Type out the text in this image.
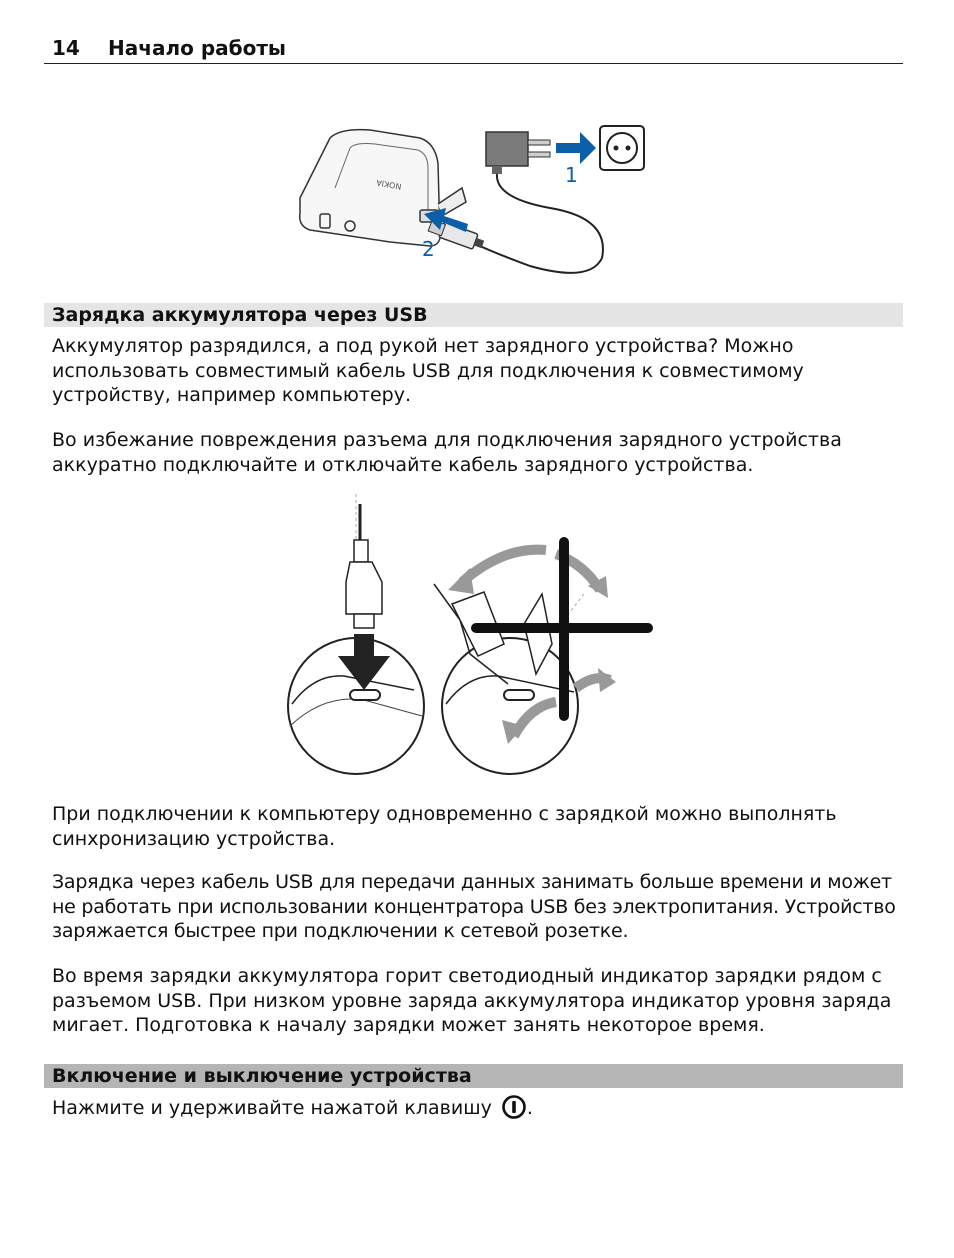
14 Начало работы
NOKIA	1
2
Зарядка аккумулятора через USB

Аккумулятор разрядился, а под рукой нет зарядного устройства? Можно использовать совместимый кабель USB для подключения к совместимому устройству, например компьютеру.

Во избежание повреждения разъема для подключения зарядного устройства аккуратно подключайте и отключайте кабель зарядного устройства.

При подключении к компьютеру одновременно с зарядкой можно выполнять синхронизацию устройства.

Зарядка через кабель USB для передачи данных занимать больше времени и может не работать при использовании концентратора USB без электропитания. Устройство заряжается быстрее при подключении к сетевой розетке.

Во время зарядки аккумулятора горит светодиодный индикатор зарядки рядом с разъемом USB. При низком уровне заряда аккумулятора индикатор уровня заряда мигает. Подготовка к началу зарядки может занять некоторое время.

Включение и выключение устройства

Нажмите и удерживайте нажатой клавишу .
